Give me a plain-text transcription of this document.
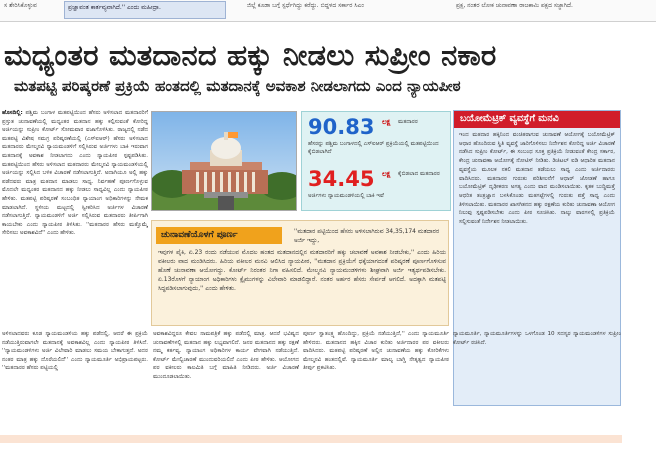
ಸ ಶೇರಿಸಿಕೊಳ್ಳುವ	ಪ್ರಜ್ಞಾವಂತ ಕಾರ್ತವ್ಯವಾಗಿದೆ.'' ಎಂದು ಮಹೀದ್ರಾ.	ಜಿಲ್ಲೆ ಕೂಡಾ ಬಗ್ಗೆ ಸ್ಪರ್ಧೆಗಿದ್ದು ಕರೆದ್ದು. ಬಿದ್ದಳದ ಸರ್ಕಾರ ಸಿಎಂ	ಪ್ರಕ್ಷ, ನಂತರ ಲೋಕ ಚುನಾವಣಾ ರಾಜಕಾಮಿ ಪಕ್ಷದ ಸಜ್ಜಾಗಿದೆ.
ಮಧ್ಯಂತರ ಮತದಾನದ ಹಕ್ಕು ನೀಡಲು ಸುಪ್ರೀಂ ನಕಾರ
ಮತಪಟ್ಟಿ ಪರಿಷ್ಕರಣೆ ಪ್ರಕ್ರಿಯೆ ಹಂತದಲ್ಲಿ ಮತದಾನಕ್ಕೆ ಅವಕಾಶ ನೀಡಲಾಗದು ಎಂದ ನ್ಯಾಯಪೀಠ
ಹೊಸದಿಲ್ಲಿ: ಪಶ್ಚಿಮ ಬಂಗಾಳ ಮತಪಟ್ಟಿಯಿಂದ ಹೆಸರು ಅಳಿಸಲಾದ ಮತದಾರರಿಗೆ ಪ್ರಸ್ತುತ ಚುನಾವಣೆಯಲ್ಲಿ ಮಧ್ಯಂತರ ಮತದಾನ ಹಕ್ಕು ಕಲ್ಪಿಸುವಂತೆ ಕೋರಿದ್ದ ಅರ್ಜಿಯನ್ನು ಸುಪ್ರೀಂ ಕೋರ್ಟ್ ಸೋಮವಾರ ವಜಾಗೊಳಿಸಿತು. ರಾಜ್ಯದಲ್ಲಿ ನಡೆದ ಮತಪಟ್ಟಿ ವಿಶೇಷ ಸಮಗ್ರ ಪರಿಷ್ಕರಣೆಯಲ್ಲಿ (ಎಸ್‌ಐಆರ್) ಹೆಸರು ಅಳಿಸಲಾದ ಮತದಾರರು ಮೇಲ್ಮನವಿ ನ್ಯಾಯಮಂಡಳಿಗೆ ಸಲ್ಲಿಸಿರುವ ಅರ್ಜಿಗಳು ಬಾಕಿ ಇರುವಾಗ ಮತದಾನಕ್ಕೆ ಅವಕಾಶ ನೀಡಲಾಗದು ಎಂದು ನ್ಯಾಯಪೀಠ ಸ್ಪಷ್ಟಪಡಿಸಿತು. ಮತಪಟ್ಟಿಯಿಂದ ಹೆಸರು ಅಳಿಸಲಾದ ಮತದಾರರು ಮೇಲ್ಮನವಿ ನ್ಯಾಯಮಂಡಳಿಯಲ್ಲಿ ಅರ್ಜಿಯನ್ನು ಸಲ್ಲಿಸಿದ ಬಳಿಕ ವಿಚಾರಣೆ ನಡೆಸಲಾಗುತ್ತಿದೆ. ಅದಾಗಿಯೂ ಅಲ್ಲಿ ಹಕ್ಕು ಪಡೆದವರು ಮಾತ್ರ ಮತದಾನ ಮಾಡಲು ಸಾಧ್ಯ. ನಿರ್ವಹಣೆ ಪೂರ್ಣಗೊಳ್ಳುವ ಮೊದಲೇ ಮಧ್ಯಂತರ ಮತದಾನದ ಹಕ್ಕು ನೀಡಲು ಸಾಧ್ಯವಿಲ್ಲ ಎಂದು ನ್ಯಾಯಪೀಠ ಹೇಳಿತು. ಮತಪಟ್ಟಿ ಪರಿಷ್ಕರಣೆ ಸಂಬಂಧಿತ ನ್ಯಾಯಾಂಗ ಅಧಿಕಾರಿಗಳನ್ನು ನೇಮಕ ಮಾಡಲಾಗಿದೆ. ಸ್ಥಳೀಯ ಮಟ್ಟದಲ್ಲಿ ಸ್ವೀಕರಿಸಿದ ಅರ್ಜಿಗಳ ವಿಚಾರಣೆ ನಡೆಸಲಾಗುತ್ತಿದೆ. ನ್ಯಾಯಮಂಡಳಿಗೆ ಅರ್ಜಿ ಸಲ್ಲಿಸಿರುವ ಮತದಾರರು ತೀರ್ಪಿಗಾಗಿ ಕಾಯಬೇಕು ಎಂದು ನ್ಯಾಯಪೀಠ ತಿಳಿಸಿತು. ''ಮತದಾರರ ಹೆಸರು ಮತ್ತೊಮ್ಮೆ ಸೇರಿಸಲು ಅವಕಾಶವಿದೆ'' ಎಂದು ಹೇಳಿತು.
90.83 ಲಕ್ಷ ಮತದಾರರ
ಹೆಸರನ್ನು ಪಶ್ಚಿಮ ಬಂಗಾಳದಲ್ಲಿ ಎಸ್‌ಐಆರ್ ಪ್ರಕ್ರಿಯೆಯಲ್ಲಿ ಮತಪಟ್ಟಿಯಿಂದ ಕೈಬಿಡಲಾಗಿದೆ
34.45 ಲಕ್ಷ ಕೈಬಿಡಲಾದ ಮತದಾರರ
ಅರ್ಜಿಗಳು ನ್ಯಾಯಮಂಡಳಿಯಲ್ಲಿ ಬಾಕಿ ಇವೆ
ಬಯೋಮೆಟ್ರಿಕ್ ವ್ಯವಸ್ಥೆಗೆ ಮನವಿ
ಇಂದ ಮತದಾರ ಹಕ್ಕಿನಿಂದ ವಂಚಿತರಾಗುವ ಚುನಾವಣೆ ಆಯೋಗಕ್ಕೆ ಬಯೋಮೆಟ್ರಿಕ್ ಆಧಾರ ಹೊಂದಿರುವ ಸ್ಥಿತಿ ವ್ಯವಸ್ಥೆ ಜಾರಿಗೊಳಿಸಲು ನಿರ್ದೇಶನ ಕೋರಿದ್ದ ಅರ್ಜಿ ವಿಚಾರಣೆ ನಡೆಸಿದ ಸುಪ್ರೀಂ ಕೋರ್ಟ್, ಈ ಸಂಬಂಧ ಸೂಕ್ತ ಪ್ರತಿಕ್ರಿಯೆ ನೀಡುವಂತೆ ಕೇಂದ್ರ ಸರ್ಕಾರ, ಕೇಂದ್ರ ಚುನಾವಣಾ ಆಯೋಗಕ್ಕೆ ನೋಟಿಸ್ ನೀಡಿತು. ಡಿಜಿಟಲ್ ಐಡಿ ಆಧಾರಿತ ಮತದಾನ ವ್ಯವಸ್ಥೆಯ ಮೂಲಕ ನಕಲಿ ಮತದಾನ ತಡೆಯಲು ಸಾಧ್ಯ ಎಂದು ಅರ್ಜಿದಾರರು ವಾದಿಸಿದರು. ಮತದಾರರ ಗುರುತು ಪರಿಶೀಲನೆಗೆ ಆಧಾರ್ ಜೋಡಣೆ ಹಾಗೂ ಬಯೋಮೆಟ್ರಿಕ್ ದೃಢೀಕರಣ ಅಗತ್ಯ ಎಂದು ವಾದ ಮಂಡಿಸಲಾಯಿತು. ಕೃತಕ ಬುದ್ಧಿಮತ್ತೆ ಆಧರಿತ ತಂತ್ರಜ್ಞಾನ ಬಳಸಿಕೊಂಡು ಮತಗಟ್ಟೆಗಳಲ್ಲಿ ಗುರುತು ಪತ್ತೆ ಸಾಧ್ಯ ಎಂದು ತಿಳಿಸಲಾಯಿತು. ಮತದಾರರ ಖಾಸಗಿತನದ ಹಕ್ಕು ರಕ್ಷಣೆಯ ಕುರಿತು ಚುನಾವಣಾ ಆಯೋಗ ನಿಲುವು ಸ್ಪಷ್ಟಪಡಿಸಬೇಕು ಎಂದು ಪೀಠ ಸೂಚಿಸಿತು. ನಾಲ್ಕು ವಾರಗಳಲ್ಲಿ ಪ್ರತಿಕ್ರಿಯೆ ಸಲ್ಲಿಸುವಂತೆ ನಿರ್ದೇಶನ ನೀಡಲಾಯಿತು.
ಚುನಾವಣೆಯೊಳಗೆ ಪೂರ್ಣ	''ಮತದಾರ ಪಟ್ಟಿಯಿಂದ ಹೆಸರು ಅಳಿಸಲಾಗಿರುವ 34,35,174 ಮತದಾರರ ಅರ್ಜಿ ಇದ್ದು,
ಇವುಗಳ ಪೈಕಿ, ಏ.23 ರಂದು ನಡೆಯುವ ಮೊದಲ ಹಂತದ ಮತದಾನದಲ್ಲಿನ ಮತದಾರರಿಗೆ ಹಕ್ಕು ಚಲಾವಣೆ ಅವಕಾಶ ನೀಡಬೇಕು,'' ಎಂದು ಹಿರಿಯ ವಕೀಲರು ವಾದ ಮಂಡಿಸಿದರು. ಹಿರಿಯ ವಕೀಲರ ಮನವಿ ಆಲಿಸಿದ ನ್ಯಾಯಪೀಠ, ''ಮತದಾನ ಪ್ರಕ್ರಿಯೆಗೆ ಧಕ್ಕೆಯಾಗದಂತೆ ಪರಿಷ್ಕರಣೆ ಪೂರ್ಣಗೊಳಿಸುವ ಹೊಣೆ ಚುನಾವಣಾ ಆಯೋಗದ್ದು. ಕೋರ್ಟ್ ನಿರಂತರ ನಿಗಾ ವಹಿಸಲಿದೆ. ಮೇಲ್ಮನವಿ ನ್ಯಾಯಮಂಡಳಿಗಳು ಶೀಘ್ರವಾಗಿ ಅರ್ಜಿ ಇತ್ಯರ್ಥಪಡಿಸಬೇಕು. ಏ.13ರೊಳಗೆ ನ್ಯಾಯಾಂಗ ಅಧಿಕಾರಿಗಳು ಕ್ಲೈಮುಗಳನ್ನು ವಿಲೇವಾರಿ ಮಾಡಲಿದ್ದಾರೆ. ನಂತರ ಅರ್ಹರ ಹೆಸರು ಸೇರ್ಪಡೆ ಆಗಲಿದೆ. ಅದಕ್ಕಾಗಿ ಮತಪಟ್ಟಿ ಸಿದ್ಧಪಡಿಸಲಾಗುವುದು,'' ಎಂದು ಹೇಳಿತು.
ಅಳಿಸಲಾದವರು ಕೂಡ ನ್ಯಾಯಮಂಡಳಿಯ ಹಕ್ಕು ಪಡೆದಲ್ಲಿ, ಆದರೆ ಈ ಪ್ರಕ್ರಿಯೆ ನಡೆಯುತ್ತಿರುವಾಗಲೇ ಮತದಾನಕ್ಕೆ ಅವಕಾಶವಿಲ್ಲ ಎಂದು ನ್ಯಾಯಪೀಠ ತಿಳಿಸಿದೆ. ''ನ್ಯಾಯಮಂಡಳಿಗಳು ಅರ್ಜಿ ವಿಲೇವಾರಿ ಮಾಡಲು ಸಮಯ ಬೇಕಾಗುತ್ತದೆ. ಅದರ ನಂತರ ಮಾತ್ರ ಹಕ್ಕು ದೊರೆಯಲಿದೆ'' ಎಂದು ನ್ಯಾಯಮೂರ್ತಿ ಅಭಿಪ್ರಾಯಪಟ್ಟರು. ''ಮತದಾರರ ಹೆಸರು ಪಟ್ಟಿಯಲ್ಲಿ
ಅವಕಾಶವಿದ್ದರೂ ಕೇವಲ ನಾಮಪತ್ರಿಕೆ ಹಕ್ಕು ಪಡೆದಲ್ಲಿ ಮಾತ್ರ. ಆದರೆ ಭವಿಷ್ಯದ ಚುನಾವಣೆಗಳಲ್ಲಿ ಮತದಾನ ಹಕ್ಕು ಲಭ್ಯವಾಗಲಿದೆ. ಜನರ ಮತದಾನದ ಹಕ್ಕು ರಕ್ಷಣೆ ನಮ್ಮ ಕರ್ತವ್ಯ. ನ್ಯಾಯಾಂಗ ಅಧಿಕಾರಿಗಳ ಕಾರ್ಯ ವೇಗವಾಗಿ ನಡೆಯುತ್ತಿದೆ. ಕೋರ್ಟ್ ಮೇಲ್ವಿಚಾರಣೆ ಮುಂದುವರಿಯಲಿದೆ ಎಂದು ಪೀಠ ಹೇಳಿತು. ಆಯೋಗದ ಪರ ವಕೀಲರು ಕಾಲಮಿತಿ ಬಗ್ಗೆ ಮಾಹಿತಿ ನೀಡಿದರು. ಅರ್ಜಿ ವಿಚಾರಣೆ ಮುಂದೂಡಲಾಯಿತು.
ಪೂರ್ಣ ಸ್ವಾತಂತ್ರ್ಯ ಹೊಂದಿದ್ದು, ಪ್ರಕ್ರಿಯೆ ನಡೆಯುತ್ತಿದೆ,'' ಎಂದು ನ್ಯಾಯಮೂರ್ತಿ ಹೇಳಿದರು. ಮತದಾನದ ಹಕ್ಕಿನ ವಿಚಾರ ಕುರಿತು ಅರ್ಜಿದಾರರ ಪರ ವಕೀಲರು ವಾದಿಸಿದರು. ಮತಪಟ್ಟಿ ಪರಿಷ್ಕರಣೆ ಅಲ್ಲಿನ ಚುನಾವಣೆಯ ಹಕ್ಕು ಕೋರಿಕೆಗಳು ಮೇಲ್ಮನವಿ ಹಂತದಲ್ಲಿವೆ. ನ್ಯಾಯಮೂರ್ತಿ ಮಾಲ್ಯ ಬಾಗ್ಚಿ ನೇತೃತ್ವದ ನ್ಯಾಯಪೀಠ ತೀರ್ಪು ಪ್ರಕಟಿಸಿತು.
ನ್ಯಾಯಮೂರ್ತಿ, ನ್ಯಾಯಮೂರ್ತಿಗಳನ್ನು ಒಳಗೊಂಡ 10 ಸದಸ್ಯರ ನ್ಯಾಯಮಂಡಳಿಗಳ ಸುಪ್ರೀಂ ಕೋರ್ಟ್ ರಚಿಸಿದೆ.
